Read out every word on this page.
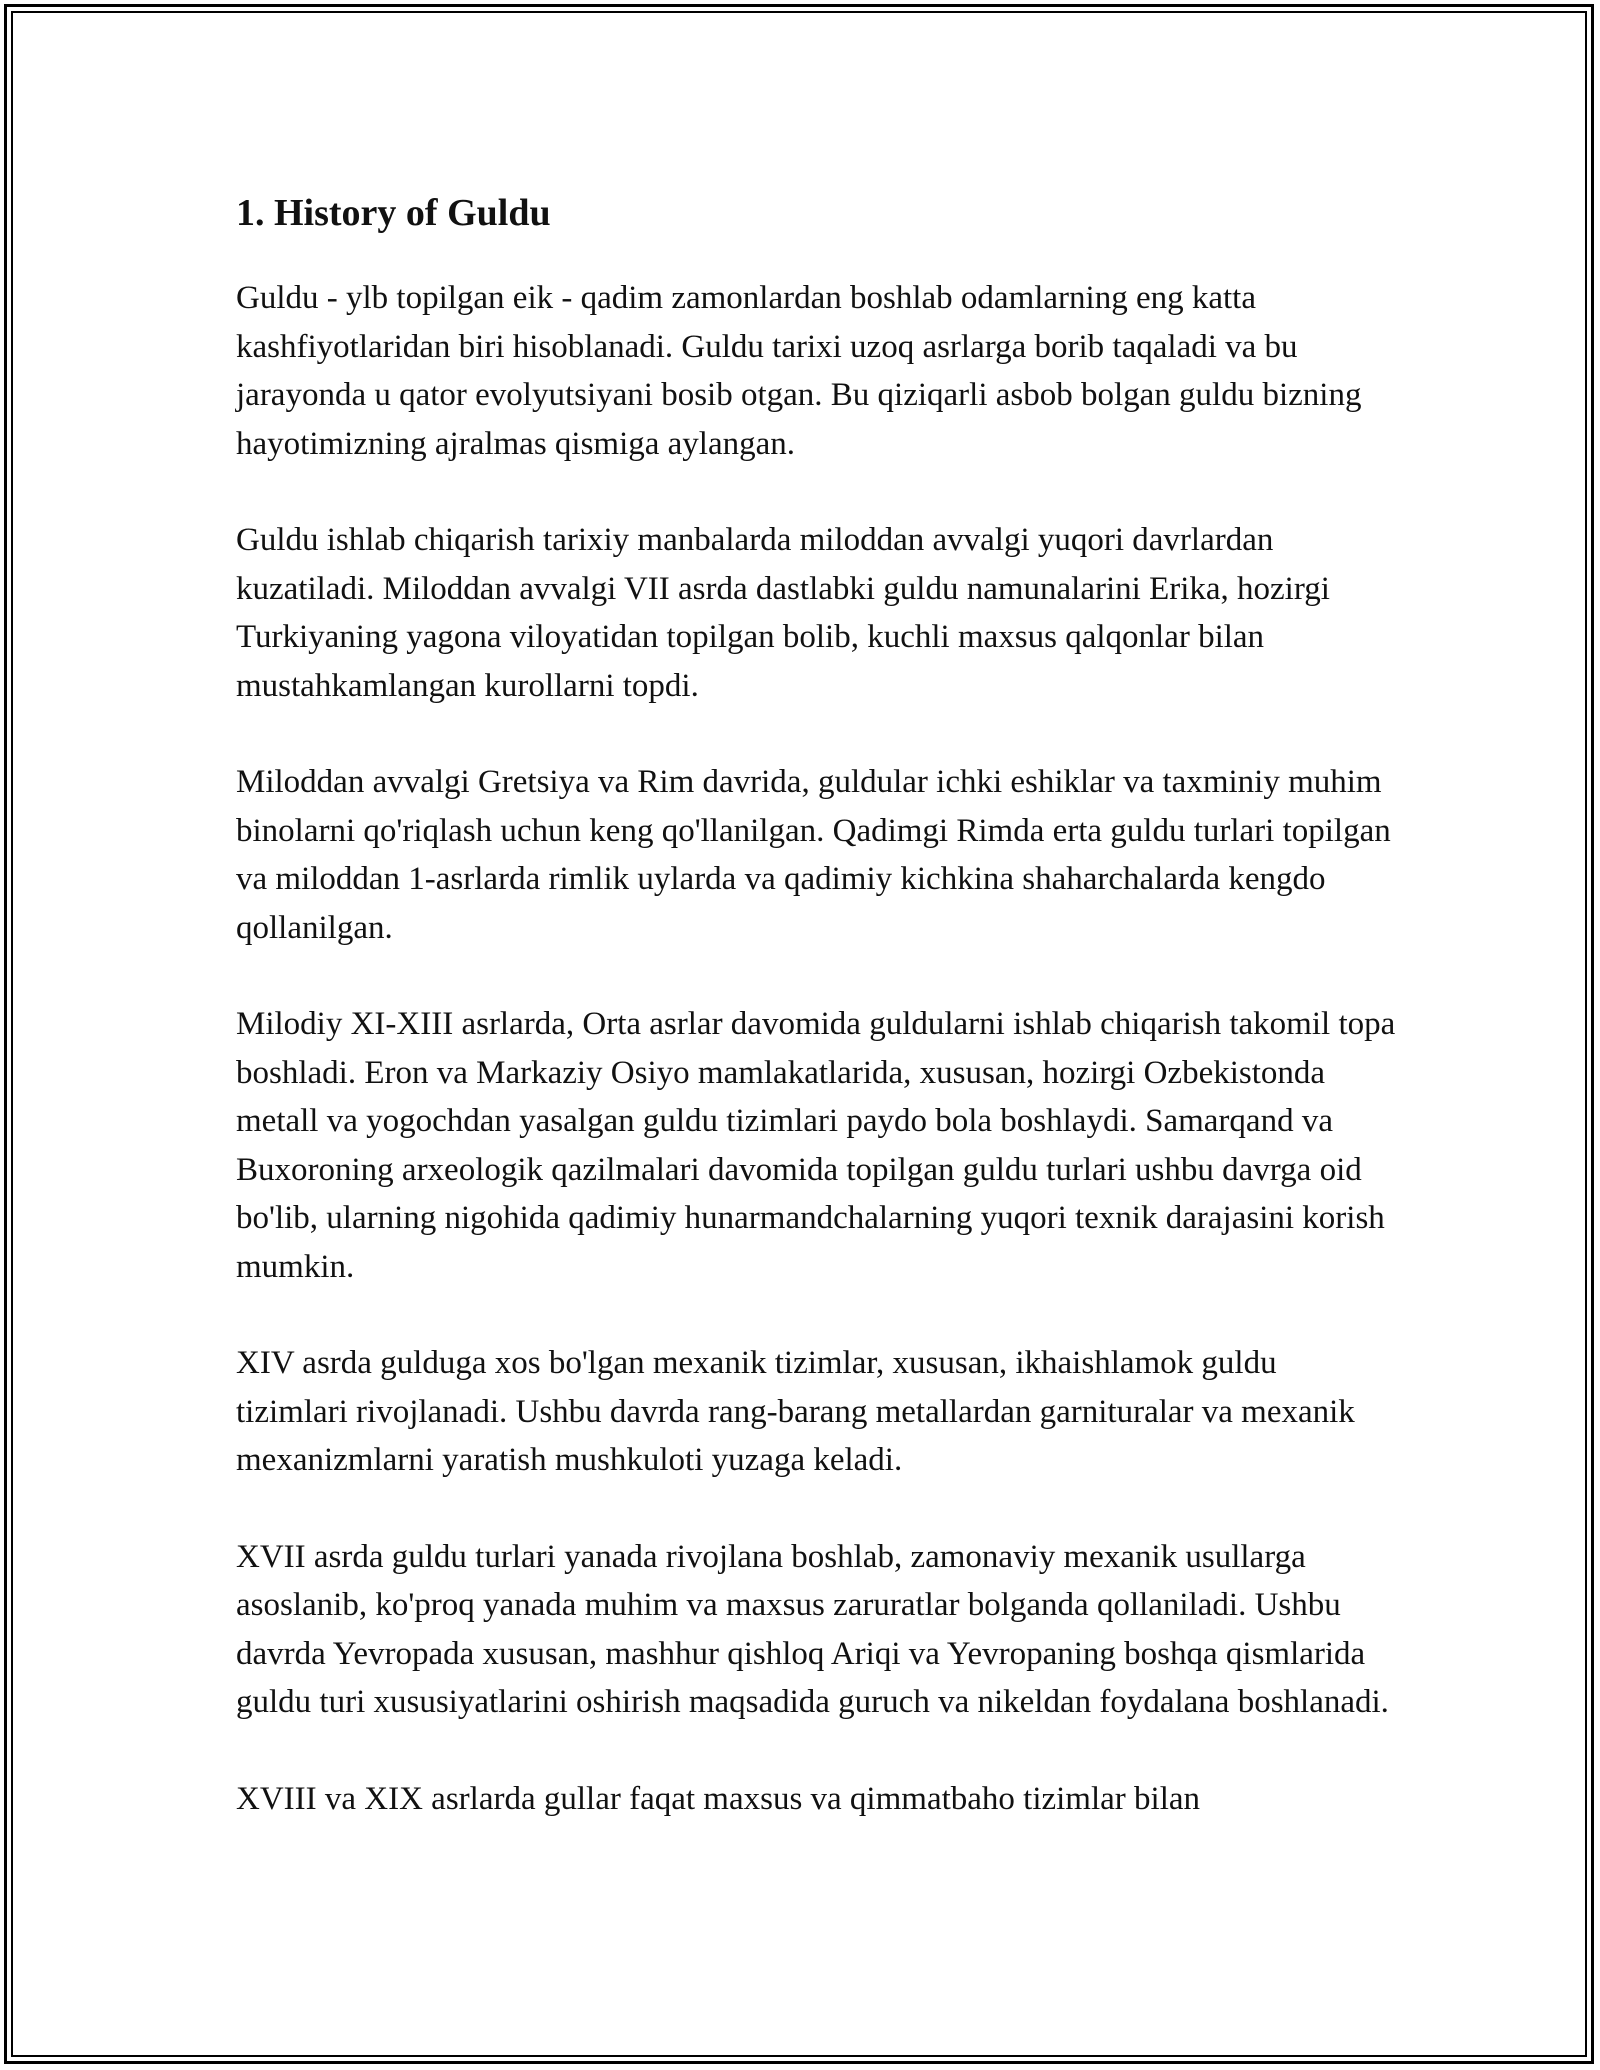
1. History of Guldu

Guldu - ylb topilgan eik - qadim zamonlardan boshlab odamlarning eng katta kashfiyotlaridan biri hisoblanadi. Guldu tarixi uzoq asrlarga borib taqaladi va bu jarayonda u qator evolyutsiyani bosib otgan. Bu qiziqarli asbob bolgan guldu bizning hayotimizning ajralmas qismiga aylangan.

Guldu ishlab chiqarish tarixiy manbalarda miloddan avvalgi yuqori davrlardan kuzatiladi. Miloddan avvalgi VII asrda dastlabki guldu namunalarini Erika, hozirgi Turkiyaning yagona viloyatidan topilgan bolib, kuchli maxsus qalqonlar bilan mustahkamlangan kurollarni topdi.

Miloddan avvalgi Gretsiya va Rim davrida, guldular ichki eshiklar va taxminiy muhim binolarni qo'riqlash uchun keng qo'llanilgan. Qadimgi Rimda erta guldu turlari topilgan va miloddan 1-asrlarda rimlik uylarda va qadimiy kichkina shaharchalarda kengdo qollanilgan.

Milodiy XI-XIII asrlarda, Orta asrlar davomida guldularni ishlab chiqarish takomil topa boshladi. Eron va Markaziy Osiyo mamlakatlarida, xususan, hozirgi Ozbekistonda metall va yogochdan yasalgan guldu tizimlari paydo bola boshlaydi. Samarqand va Buxoroning arxeologik qazilmalari davomida topilgan guldu turlari ushbu davrga oid bo'lib, ularning nigohida qadimiy hunarmandchalarning yuqori texnik darajasini korish mumkin.

XIV asrda gulduga xos bo'lgan mexanik tizimlar, xususan, ikhaishlamok guldu tizimlari rivojlanadi. Ushbu davrda rang-barang metallardan garnituralar va mexanik mexanizmlarni yaratish mushkuloti yuzaga keladi.

XVII asrda guldu turlari yanada rivojlana boshlab, zamonaviy mexanik usullarga asoslanib, ko'proq yanada muhim va maxsus zaruratlar bolganda qollaniladi. Ushbu davrda Yevropada xususan, mashhur qishloq Ariqi va Yevropaning boshqa qismlarida guldu turi xususiyatlarini oshirish maqsadida guruch va nikeldan foydalana boshlanadi.

XVIII va XIX asrlarda gullar faqat maxsus va qimmatbaho tizimlar bilan
